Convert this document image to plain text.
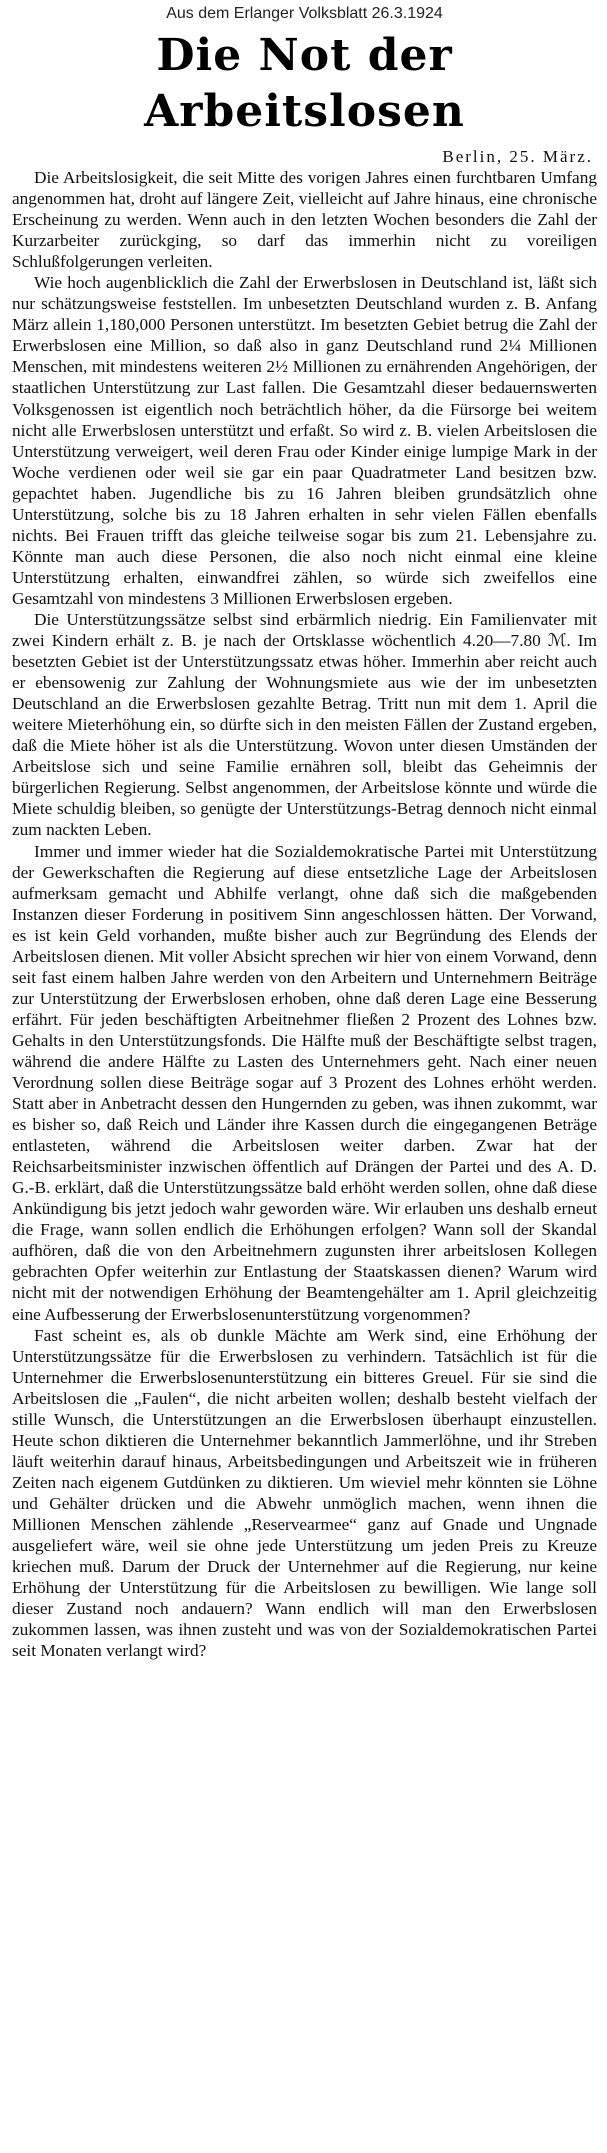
Aus dem Erlanger Volksblatt 26.3.1924
Die Not der Arbeitslosen
Berlin, 25. März.

Die Arbeitslosigkeit, die seit Mitte des vorigen Jahres einen furchtbaren Umfang angenommen hat, droht auf längere Zeit, vielleicht auf Jahre hinaus, eine chronische Erscheinung zu werden. Wenn auch in den letzten Wochen besonders die Zahl der Kurzarbeiter zurückging, so darf das immerhin nicht zu voreiligen Schlußfolgerungen verleiten.

Wie hoch augenblicklich die Zahl der Erwerbslosen in Deutschland ist, läßt sich nur schätzungsweise feststellen. Im unbesetzten Deutschland wurden z. B. Anfang März allein 1,180,000 Personen unterstützt. Im besetzten Gebiet betrug die Zahl der Erwerbslosen eine Million, so daß also in ganz Deutschland rund 2¼ Millionen Menschen, mit mindestens weiteren 2½ Millionen zu ernährenden Angehörigen, der staatlichen Unterstützung zur Last fallen. Die Gesamtzahl dieser bedauernswerten Volksgenossen ist eigentlich noch beträchtlich höher, da die Fürsorge bei weitem nicht alle Erwerbslosen unterstützt und erfaßt. So wird z. B. vielen Arbeitslosen die Unterstützung verweigert, weil deren Frau oder Kinder einige lumpige Mark in der Woche verdienen oder weil sie gar ein paar Quadratmeter Land besitzen bzw. gepachtet haben. Jugendliche bis zu 16 Jahren bleiben grundsätzlich ohne Unterstützung, solche bis zu 18 Jahren erhalten in sehr vielen Fällen ebenfalls nichts. Bei Frauen trifft das gleiche teilweise sogar bis zum 21. Lebensjahre zu. Könnte man auch diese Personen, die also noch nicht einmal eine kleine Unterstützung erhalten, einwandfrei zählen, so würde sich zweifellos eine Gesamtzahl von mindestens 3 Millionen Erwerbslosen ergeben.

Die Unterstützungssätze selbst sind erbärmlich niedrig. Ein Familienvater mit zwei Kindern erhält z. B. je nach der Ortsklasse wöchentlich 4.20—7.80 ℳ. Im besetzten Gebiet ist der Unterstützungssatz etwas höher. Immerhin aber reicht auch er ebensowenig zur Zahlung der Wohnungsmiete aus wie der im unbesetzten Deutschland an die Erwerbslosen gezahlte Betrag. Tritt nun mit dem 1. April die weitere Mieterhöhung ein, so dürfte sich in den meisten Fällen der Zustand ergeben, daß die Miete höher ist als die Unterstützung. Wovon unter diesen Umständen der Arbeitslose sich und seine Familie ernähren soll, bleibt das Geheimnis der bürgerlichen Regierung. Selbst angenommen, der Arbeitslose könnte und würde die Miete schuldig bleiben, so genügte der Unterstützungs-Betrag dennoch nicht einmal zum nackten Leben.

Immer und immer wieder hat die Sozialdemokratische Partei mit Unterstützung der Gewerkschaften die Regierung auf diese entsetzliche Lage der Arbeitslosen aufmerksam gemacht und Abhilfe verlangt, ohne daß sich die maßgebenden Instanzen dieser Forderung in positivem Sinn angeschlossen hätten. Der Vorwand, es ist kein Geld vorhanden, mußte bisher auch zur Begründung des Elends der Arbeitslosen dienen. Mit voller Absicht sprechen wir hier von einem Vorwand, denn seit fast einem halben Jahre werden von den Arbeitern und Unternehmern Beiträge zur Unterstützung der Erwerbslosen erhoben, ohne daß deren Lage eine Besserung erfährt. Für jeden beschäftigten Arbeitnehmer fließen 2 Prozent des Lohnes bzw. Gehalts in den Unterstützungsfonds. Die Hälfte muß der Beschäftigte selbst tragen, während die andere Hälfte zu Lasten des Unternehmers geht. Nach einer neuen Verordnung sollen diese Beiträge sogar auf 3 Prozent des Lohnes erhöht werden. Statt aber in Anbetracht dessen den Hungernden zu geben, was ihnen zukommt, war es bisher so, daß Reich und Länder ihre Kassen durch die eingegangenen Beträge entlasteten, während die Arbeitslosen weiter darben. Zwar hat der Reichsarbeitsminister inzwischen öffentlich auf Drängen der Partei und des A. D. G.-B. erklärt, daß die Unterstützungssätze bald erhöht werden sollen, ohne daß diese Ankündigung bis jetzt jedoch wahr geworden wäre. Wir erlauben uns deshalb erneut die Frage, wann sollen endlich die Erhöhungen erfolgen? Wann soll der Skandal aufhören, daß die von den Arbeitnehmern zugunsten ihrer arbeitslosen Kollegen gebrachten Opfer weiterhin zur Entlastung der Staatskassen dienen? Warum wird nicht mit der notwendigen Erhöhung der Beamtengehälter am 1. April gleichzeitig eine Aufbesserung der Erwerbslosenunterstützung vorgenommen?

Fast scheint es, als ob dunkle Mächte am Werk sind, eine Erhöhung der Unterstützungssätze für die Erwerbslosen zu verhindern. Tatsächlich ist für die Unternehmer die Erwerbslosenunterstützung ein bitteres Greuel. Für sie sind die Arbeitslosen die „Faulen“, die nicht arbeiten wollen; deshalb besteht vielfach der stille Wunsch, die Unterstützungen an die Erwerbslosen überhaupt einzustellen. Heute schon diktieren die Unternehmer bekanntlich Jammerlöhne, und ihr Streben läuft weiterhin darauf hinaus, Arbeitsbedingungen und Arbeitszeit wie in früheren Zeiten nach eigenem Gutdünken zu diktieren. Um wieviel mehr könnten sie Löhne und Gehälter drücken und die Abwehr unmöglich machen, wenn ihnen die Millionen Menschen zählende „Reservearmee“ ganz auf Gnade und Ungnade ausgeliefert wäre, weil sie ohne jede Unterstützung um jeden Preis zu Kreuze kriechen muß. Darum der Druck der Unternehmer auf die Regierung, nur keine Erhöhung der Unterstützung für die Arbeitslosen zu bewilligen. Wie lange soll dieser Zustand noch andauern? Wann endlich will man den Erwerbslosen zukommen lassen, was ihnen zusteht und was von der Sozialdemokratischen Partei seit Monaten verlangt wird?
